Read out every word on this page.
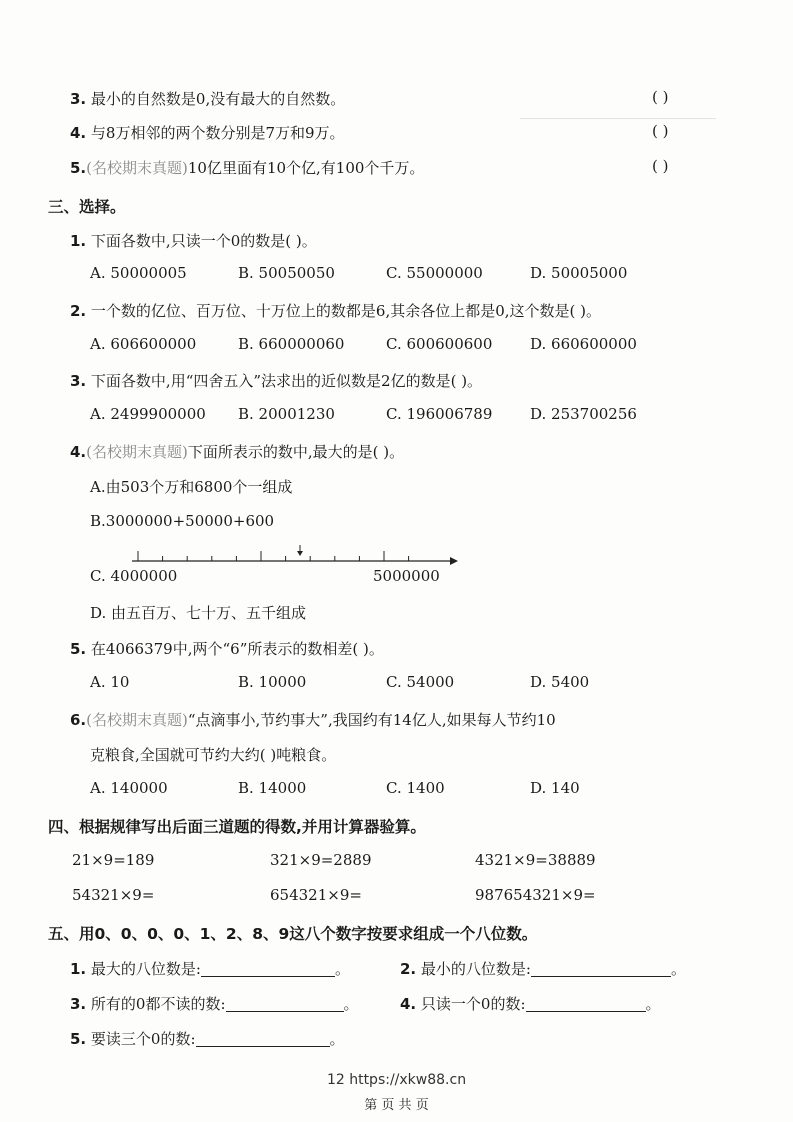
─────────────────────────
3. 最小的自然数是0,没有最大的自然数。	( )
4. 与8万相邻的两个数分别是7万和9万。	( )
5.(名校期末真题)10亿里面有10个亿,有100个千万。	( )
三、选择。
1. 下面各数中,只读一个0的数是( )。
A. 50000005	B. 50050050	C. 55000000	D. 50005000
2. 一个数的亿位、百万位、十万位上的数都是6,其余各位上都是0,这个数是( )。
A. 606600000	B. 660000060	C. 600600600	D. 660600000
3. 下面各数中,用“四舍五入”法求出的近似数是2亿的数是( )。
A. 2499900000 B. 20001230	C. 196006789	D. 253700256
4.(名校期末真题)下面所表示的数中,最大的是( )。
A.由503个万和6800个一组成
B.3000000+50000+600
C. 4000000	5000000
D. 由五百万、七十万、五千组成
5. 在4066379中,两个“6”所表示的数相差( )。
A. 10	B. 10000	C. 54000	D. 5400
6.(名校期末真题)“点滴事小,节约事大”,我国约有14亿人,如果每人节约10
克粮食,全国就可节约大约( )吨粮食。
A. 140000	B. 14000	C. 1400	D. 140
四、根据规律写出后面三道题的得数,并用计算器验算。
21×9=189	321×9=2889	4321×9=38889
54321×9=	654321×9=	987654321×9=
五、用0、0、0、0、1、2、8、9这八个数字按要求组成一个八位数。
1. 最大的八位数是:	。	2. 最小的八位数是:	。
3. 所有的0都不读的数:	。	4. 只读一个0的数:	。
5. 要读三个0的数:	。
12 https://xkw88.cn
第 页 共 页
